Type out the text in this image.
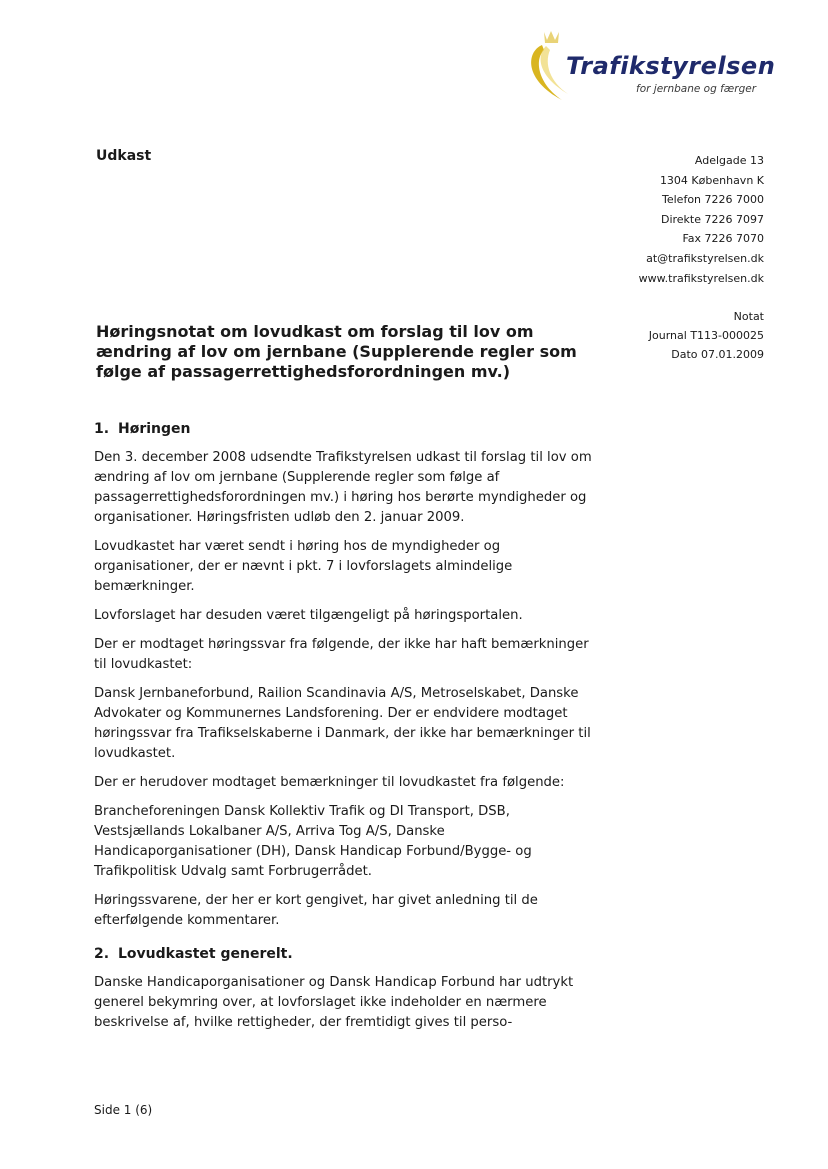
Trafikstyrelsen
for jernbane og færger
Udkast	Adelgade 13
1304 København K
Telefon 7226 7000
Direkte 7226 7097
Fax 7226 7070
at@trafikstyrelsen.dk
www.trafikstyrelsen.dk
Notat
Journal T113-000025
Dato 07.01.2009
Høringsnotat om lovudkast om forslag til lov om ændring af lov om jernbane (Supplerende regler som følge af passagerrettighedsforordningen mv.)
1. Høringen

Den 3. december 2008 udsendte Trafikstyrelsen udkast til forslag til lov om ændring af lov om jernbane (Supplerende regler som følge af passagerrettighedsforordningen mv.) i høring hos berørte myndigheder og organisationer. Høringsfristen udløb den 2. januar 2009.

Lovudkastet har været sendt i høring hos de myndigheder og organisationer, der er nævnt i pkt. 7 i lovforslagets almindelige bemærkninger.

Lovforslaget har desuden været tilgængeligt på høringsportalen.

Der er modtaget høringssvar fra følgende, der ikke har haft bemærkninger til lovudkastet:

Dansk Jernbaneforbund, Railion Scandinavia A/S, Metroselskabet, Danske Advokater og Kommunernes Landsforening. Der er endvidere modtaget høringssvar fra Trafikselskaberne i Danmark, der ikke har bemærkninger til lovudkastet.

Der er herudover modtaget bemærkninger til lovudkastet fra følgende:

Brancheforeningen Dansk Kollektiv Trafik og DI Transport, DSB, Vestsjællands Lokalbaner A/S, Arriva Tog A/S, Danske Handicaporganisationer (DH), Dansk Handicap Forbund/Bygge- og Trafikpolitisk Udvalg samt Forbrugerrådet.

Høringssvarene, der her er kort gengivet, har givet anledning til de efterfølgende kommentarer.

2. Lovudkastet generelt.

Danske Handicaporganisationer og Dansk Handicap Forbund har udtrykt generel bekymring over, at lovforslaget ikke indeholder en nærmere beskrivelse af, hvilke rettigheder, der fremtidigt gives til perso-

Side 1 (6)
